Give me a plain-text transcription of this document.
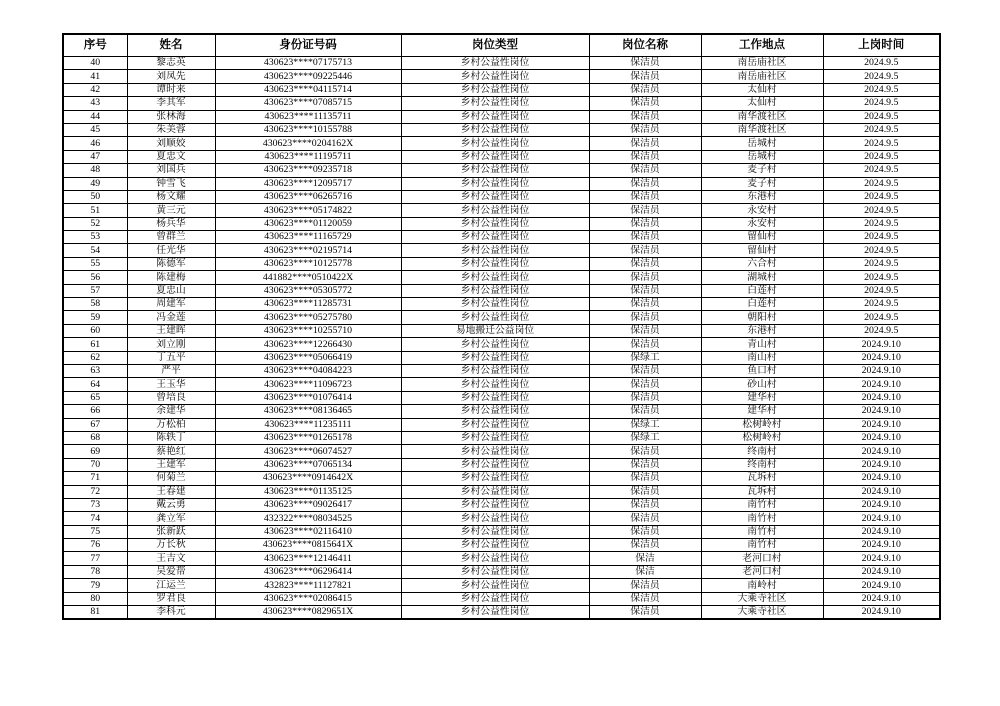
序号	姓名	身份证号码	岗位类型	岗位名称	工作地点	上岗时间
40	黎志英	430623****07175713	乡村公益性岗位	保洁员	南岳庙社区	2024.9.5
41	刘凤先	430623****09225446	乡村公益性岗位	保洁员	南岳庙社区	2024.9.5
42	谭时来	430623****04115714	乡村公益性岗位	保洁员	太仙村	2024.9.5
43	李其军	430623****07085715	乡村公益性岗位	保洁员	太仙村	2024.9.5
44	张林海	430623****11135711	乡村公益性岗位	保洁员	南华渡社区	2024.9.5
45	朱美蓉	430623****10155788	乡村公益性岗位	保洁员	南华渡社区	2024.9.5
46	刘顺姣	430623****0204162X	乡村公益性岗位	保洁员	岳城村	2024.9.5
47	夏忠文	430623****11195711	乡村公益性岗位	保洁员	岳城村	2024.9.5
48	刘国兵	430623****09235718	乡村公益性岗位	保洁员	麦子村	2024.9.5
49	钟雪飞	430623****12095717	乡村公益性岗位	保洁员	麦子村	2024.9.5
50	杨文耀	430623****06265716	乡村公益性岗位	保洁员	东港村	2024.9.5
51	黄三元	430623****05174822	乡村公益性岗位	保洁员	永安村	2024.9.5
52	杨兵华	430623****01120059	乡村公益性岗位	保洁员	永安村	2024.9.5
53	曾群兰	430623****11165729	乡村公益性岗位	保洁员	留仙村	2024.9.5
54	任光华	430623****02195714	乡村公益性岗位	保洁员	留仙村	2024.9.5
55	陈德军	430623****10125778	乡村公益性岗位	保洁员	六合村	2024.9.5
56	陈建梅	441882****0510422X	乡村公益性岗位	保洁员	湖城村	2024.9.5
57	夏忠山	430623****05305772	乡村公益性岗位	保洁员	白莲村	2024.9.5
58	周建军	430623****11285731	乡村公益性岗位	保洁员	白莲村	2024.9.5
59	冯金莲	430623****05275780	乡村公益性岗位	保洁员	朝阳村	2024.9.5
60	王建晖	430623****10255710	易地搬迁公益岗位	保洁员	东港村	2024.9.5
61	刘立刚	430623****12266430	乡村公益性岗位	保洁员	青山村	2024.9.10
62	丁五平	430623****05066419	乡村公益性岗位	保绿工	南山村	2024.9.10
63	严平	430623****04084223	乡村公益性岗位	保洁员	鱼口村	2024.9.10
64	王玉华	430623****11096723	乡村公益性岗位	保洁员	砂山村	2024.9.10
65	曾培良	430623****01076414	乡村公益性岗位	保洁员	建华村	2024.9.10
66	余建华	430623****08136465	乡村公益性岗位	保洁员	建华村	2024.9.10
67	万松柏	430623****11235111	乡村公益性岗位	保绿工	松树岭村	2024.9.10
68	陈轶丁	430623****01265178	乡村公益性岗位	保绿工	松树岭村	2024.9.10
69	蔡艳红	430623****06074527	乡村公益性岗位	保洁员	终南村	2024.9.10
70	王建军	430623****07065134	乡村公益性岗位	保洁员	终南村	2024.9.10
71	何菊兰	430623****0914642X	乡村公益性岗位	保洁员	瓦坼村	2024.9.10
72	王春建	430623****01135125	乡村公益性岗位	保洁员	瓦坼村	2024.9.10
73	戴云勇	430623****09026417	乡村公益性岗位	保洁员	南竹村	2024.9.10
74	龚立军	432322****08034525	乡村公益性岗位	保洁员	南竹村	2024.9.10
75	张新跃	430623****02116410	乡村公益性岗位	保洁员	南竹村	2024.9.10
76	万长秋	430623****0815641X	乡村公益性岗位	保洁员	南竹村	2024.9.10
77	王吉文	430623****12146411	乡村公益性岗位	保洁	老河口村	2024.9.10
78	吴爱帮	430623****06296414	乡村公益性岗位	保洁	老河口村	2024.9.10
79	江运兰	432823****11127821	乡村公益性岗位	保洁员	南岭村	2024.9.10
80	罗君良	430623****02086415	乡村公益性岗位	保洁员	大乘寺社区	2024.9.10
81	李科元	430623****0829651X	乡村公益性岗位	保洁员	大乘寺社区	2024.9.10
